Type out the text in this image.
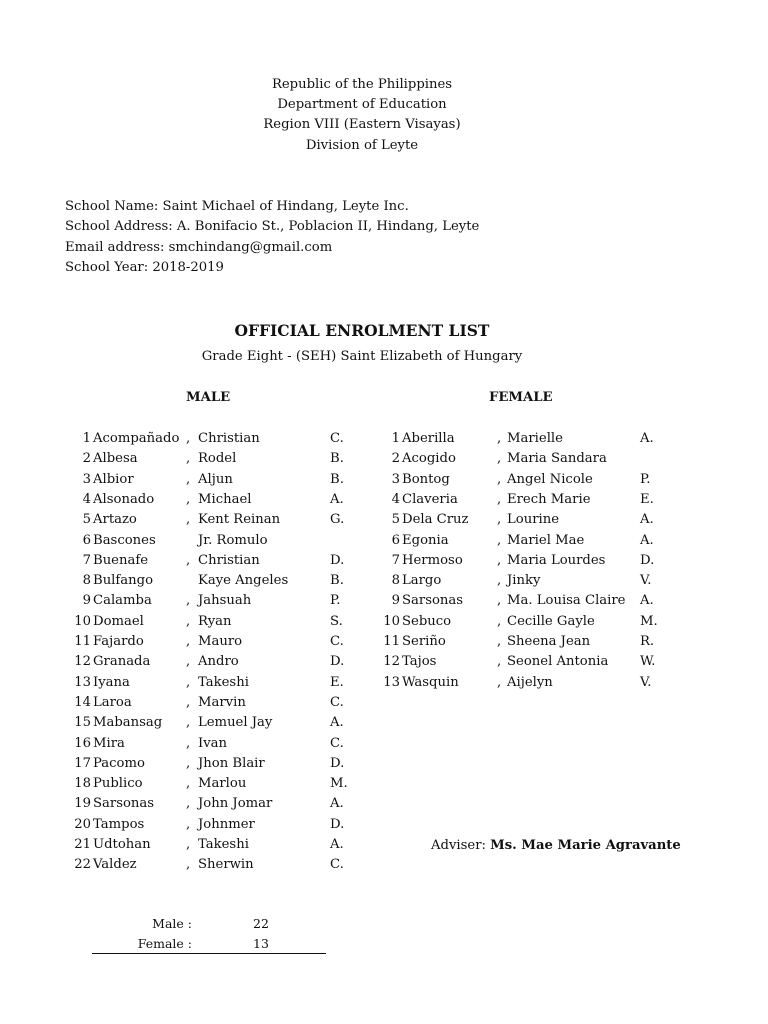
Republic of the Philippines
Department of Education
Region VIII (Eastern Visayas)
Division of Leyte
School Name: Saint Michael of Hindang, Leyte Inc.
School Address: A. Bonifacio St., Poblacion II, Hindang, Leyte
Email address: smchindang@gmail.com
School Year: 2018-2019
OFFICIAL ENROLMENT LIST
Grade Eight - (SEH) Saint Elizabeth of Hungary
MALE	FEMALE
1 Acompañado , Christian	C.
2 Albesa	, Rodel	B.
3 Albior	, Aljun	B.
4 Alsonado , Michael	A.
5 Artazo	, Kent Reinan	G.
6 Bascones	Jr. Romulo
7 Buenafe	, Christian	D.
8 Bulfango	Kaye Angeles	B.
9 Calamba	, Jahsuah	P.
10 Domael	, Ryan	S.
11 Fajardo	, Mauro	C.
12 Granada	, Andro	D.
13 Iyana	, Takeshi	E.
14 Laroa	, Marvin	C.
15 Mabansag , Lemuel Jay	A.
16 Mira	, Ivan	C.
17 Pacomo	, Jhon Blair	D.
18 Publico	, Marlou	M.
19 Sarsonas , John Jomar	A.
20 Tampos	, Johnmer	D.
21 Udtohan	, Takeshi	A.
22 Valdez	, Sherwin	C.
1 Aberilla	, Marielle	A.
2 Acogido	, Maria Sandara
3 Bontog	, Angel Nicole	P.
4 Claveria	, Erech Marie	E.
5 Dela Cruz , Lourine	A.
6 Egonia	, Mariel Mae	A.
7 Hermoso	, Maria Lourdes	D.
8 Largo	, Jinky	V.
9 Sarsonas	, Ma. Louisa Claire A.
10 Sebuco	, Cecille Gayle	M.
11 Seriño	, Sheena Jean	R.
12 Tajos	, Seonel Antonia W.
13 Wasquin	, Aijelyn	V.
Adviser: Ms. Mae Marie Agravante
Male :	22
Female :	13
